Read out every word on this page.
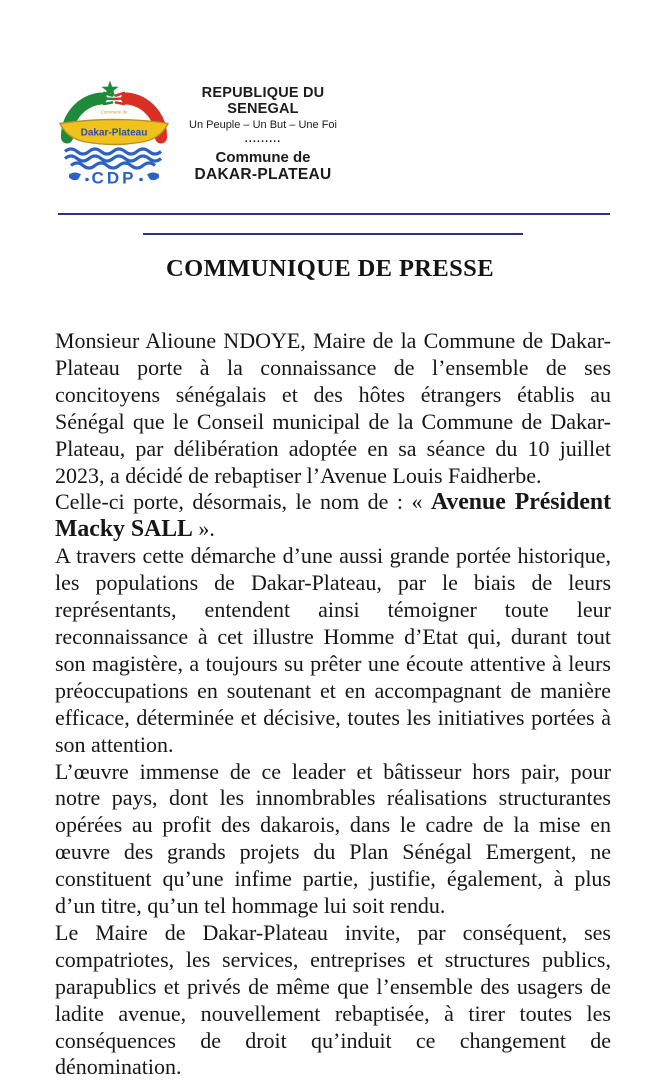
Commune de
Dakar-Plateau
CDP
REPUBLIQUE DU SENEGAL
Un Peuple – Un But – Une Foi
.........
Commune de
DAKAR-PLATEAU
COMMUNIQUE DE PRESSE

Monsieur Alioune NDOYE, Maire de la Commune de Dakar-Plateau porte à la connaissance de l’ensemble de ses concitoyens sénégalais et des hôtes étrangers établis au Sénégal que le Conseil municipal de la Commune de Dakar-Plateau, par délibération adoptée en sa séance du 10 juillet 2023, a décidé de rebaptiser l’Avenue Louis Faidherbe.

Celle-ci porte, désormais, le nom de : « Avenue Président Macky SALL ».

A travers cette démarche d’une aussi grande portée historique, les populations de Dakar-Plateau, par le biais de leurs représentants, entendent ainsi témoigner toute leur reconnaissance à cet illustre Homme d’Etat qui, durant tout son magistère, a toujours su prêter une écoute attentive à leurs préoccupations en soutenant et en accompagnant de manière efficace, déterminée et décisive, toutes les initiatives portées à son attention.

L’œuvre immense de ce leader et bâtisseur hors pair, pour notre pays, dont les innombrables réalisations structurantes opérées au profit des dakarois, dans le cadre de la mise en œuvre des grands projets du Plan Sénégal Emergent, ne constituent qu’une infime partie, justifie, également, à plus d’un titre, qu’un tel hommage lui soit rendu.

Le Maire de Dakar-Plateau invite, par conséquent, ses compatriotes, les services, entreprises et structures publics, parapublics et privés de même que l’ensemble des usagers de ladite avenue, nouvellement rebaptisée, à tirer toutes les conséquences de droit qu’induit ce changement de dénomination.
